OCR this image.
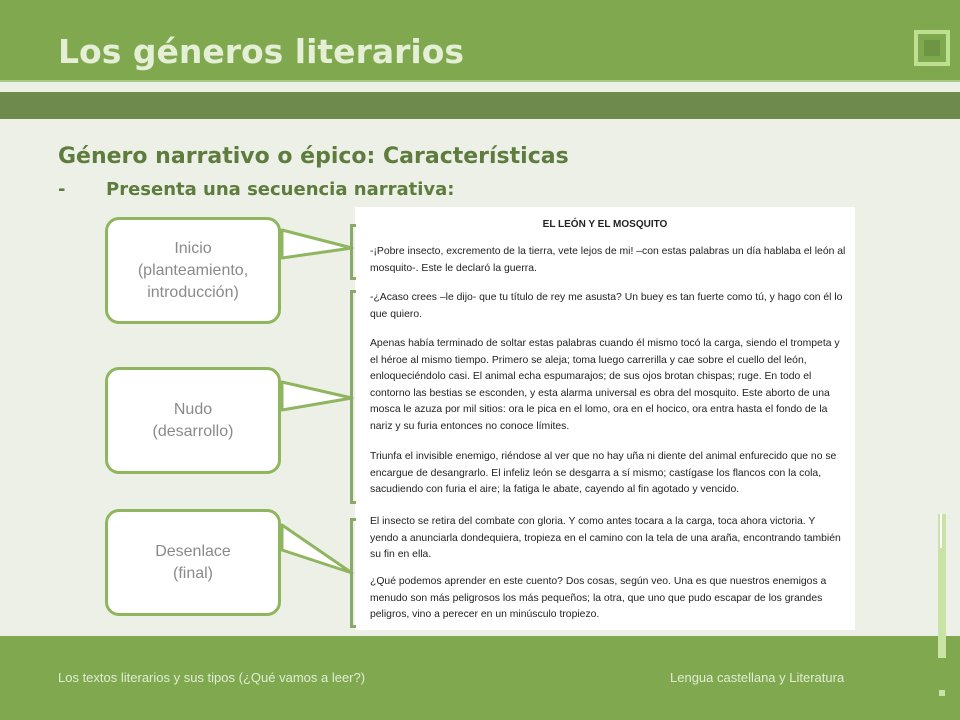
Los géneros literarios
Género narrativo o épico: Características
- Presenta una secuencia narrativa:
Inicio
(planteamiento,
introducción)
Nudo
(desarrollo)
Desenlace
(final)
EL LEÓN Y EL MOSQUITO
-¡Pobre insecto, excremento de la tierra, vete lejos de mi! –con estas palabras un día hablaba el león al mosquito-. Este le declaró la guerra.
-¿Acaso crees –le dijo- que tu título de rey me asusta? Un buey es tan fuerte como tú, y hago con él lo que quiero.
Apenas había terminado de soltar estas palabras cuando él mismo tocó la carga, siendo el trompeta y el héroe al mismo tiempo. Primero se aleja; toma luego carrerilla y cae sobre el cuello del león, enloqueciéndolo casi. El animal echa espumarajos; de sus ojos brotan chispas; ruge. En todo el contorno las bestias se esconden, y esta alarma universal es obra del mosquito. Este aborto de una mosca le azuza por mil sitios: ora le pica en el lomo, ora en el hocico, ora entra hasta el fondo de la nariz y su furia entonces no conoce límites.
Triunfa el invisible enemigo, riéndose al ver que no hay uña ni diente del animal enfurecido que no se encargue de desangrarlo. El infeliz león se desgarra a sí mismo; castígase los flancos con la cola, sacudiendo con furia el aire; la fatiga le abate, cayendo al fin agotado y vencido.
El insecto se retira del combate con gloria. Y como antes tocara a la carga, toca ahora victoria. Y yendo a anunciarla dondequiera, tropieza en el camino con la tela de una araña, encontrando también su fin en ella.
¿Qué podemos aprender en este cuento? Dos cosas, según veo. Una es que nuestros enemigos a menudo son más peligrosos los más pequeños; la otra, que uno que pudo escapar de los grandes peligros, vino a perecer en un minúsculo tropiezo.
Los textos literarios y sus tipos (¿Qué vamos a leer?)	Lengua castellana y Literatura
